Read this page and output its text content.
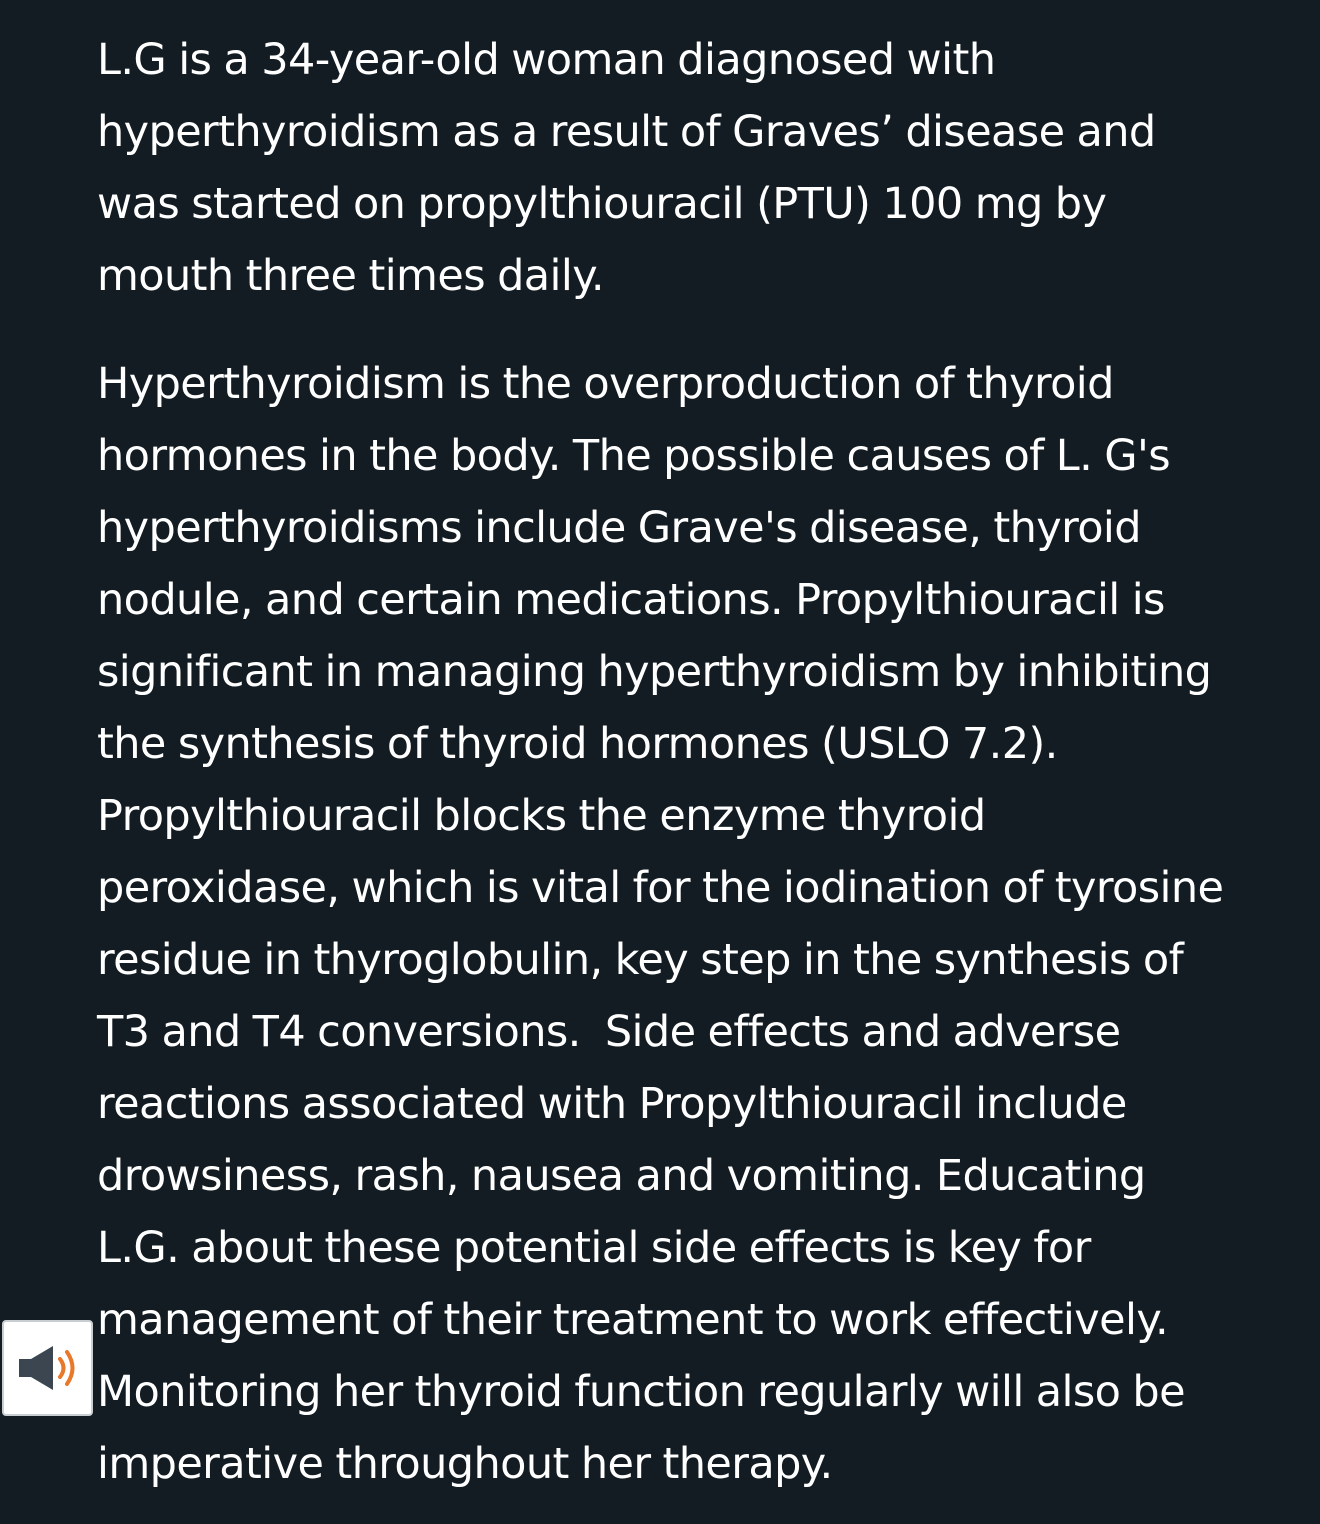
L.G is a 34-year-old woman diagnosed with hyperthyroidism as a result of Graves’ disease and was started on propylthiouracil (PTU) 100 mg by mouth three times daily.

Hyperthyroidism is the overproduction of thyroid hormones in the body. The possible causes of L. G's hyperthyroidisms include Grave's disease, thyroid nodule, and certain medications. Propylthiouracil is significant in managing hyperthyroidism by inhibiting the synthesis of thyroid hormones (USLO 7.2). Propylthiouracil blocks the enzyme thyroid peroxidase, which is vital for the iodination of tyrosine residue in thyroglobulin, key step in the synthesis of T3 and T4 conversions.  Side effects and adverse reactions associated with Propylthiouracil include drowsiness, rash, nausea and vomiting. Educating L.G. about these potential side effects is key for management of their treatment to work effectively.  Monitoring her thyroid function regularly will also be imperative throughout her therapy.
